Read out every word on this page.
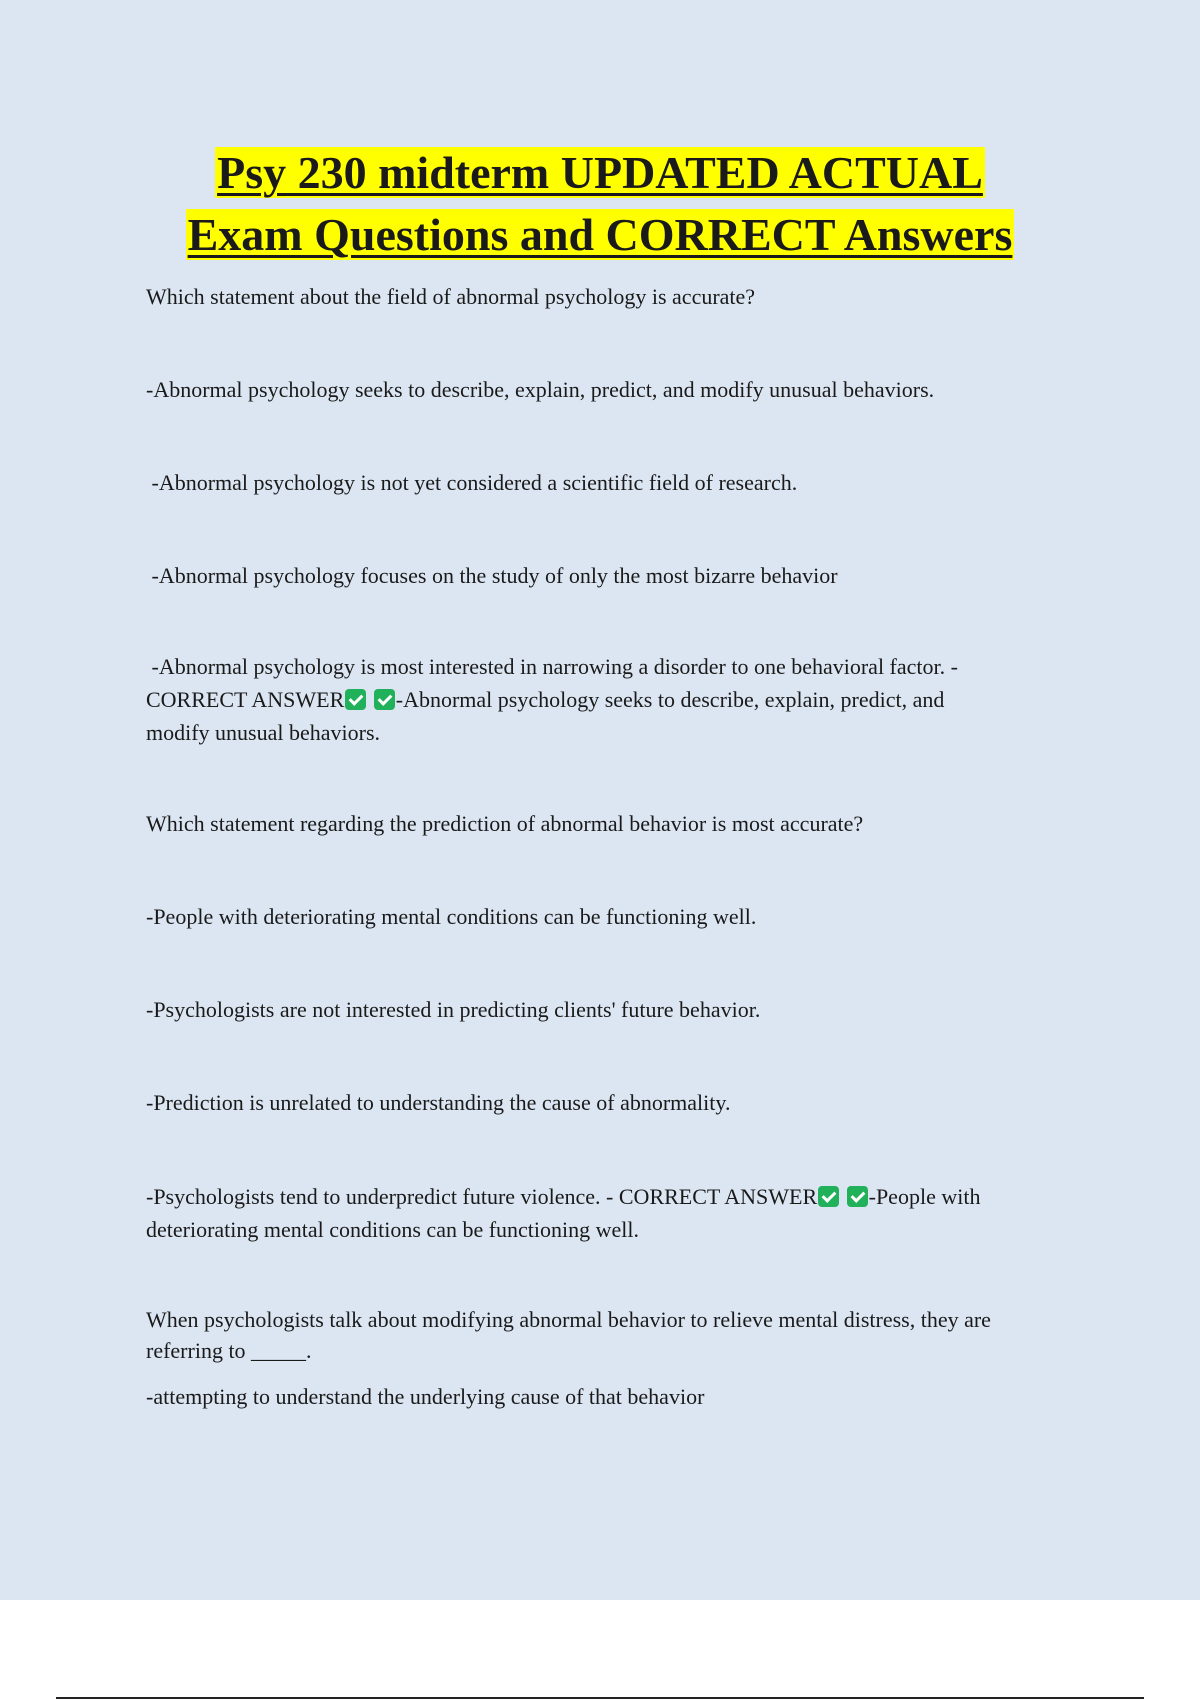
Psy 230 midterm UPDATED ACTUAL
Exam Questions and CORRECT Answers
Which statement about the field of abnormal psychology is accurate?
-Abnormal psychology seeks to describe, explain, predict, and modify unusual behaviors.
-Abnormal psychology is not yet considered a scientific field of research.
-Abnormal psychology focuses on the study of only the most bizarre behavior
-Abnormal psychology is most interested in narrowing a disorder to one behavioral factor. -
CORRECT ANSWER -Abnormal psychology seeks to describe, explain, predict, and
modify unusual behaviors.
Which statement regarding the prediction of abnormal behavior is most accurate?
-People with deteriorating mental conditions can be functioning well.
-Psychologists are not interested in predicting clients' future behavior.
-Prediction is unrelated to understanding the cause of abnormality.
-Psychologists tend to underpredict future violence. - CORRECT ANSWER -People with
deteriorating mental conditions can be functioning well.
When psychologists talk about modifying abnormal behavior to relieve mental distress, they are
referring to _____.
-attempting to understand the underlying cause of that behavior
